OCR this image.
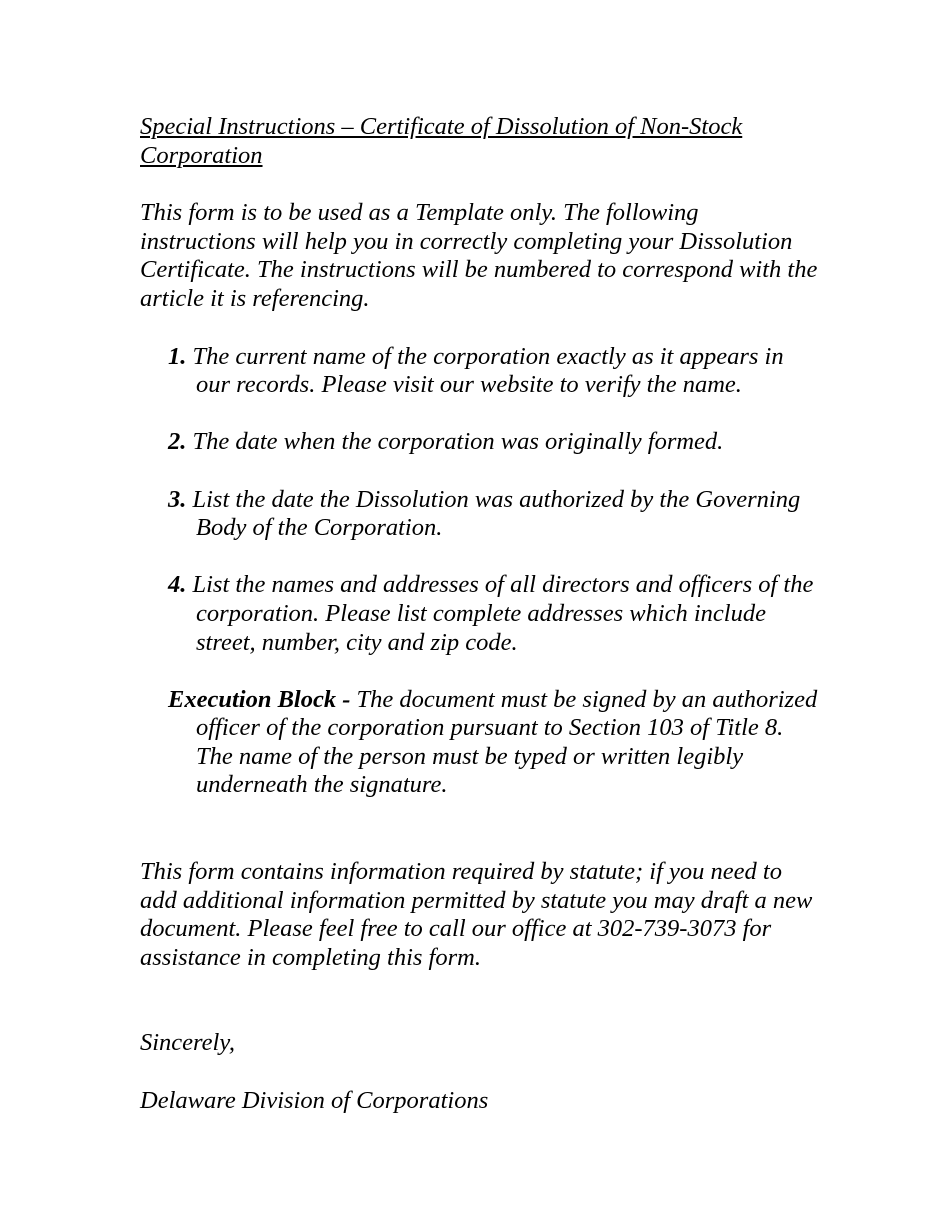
Special Instructions – Certificate of Dissolution of Non-Stock Corporation

This form is to be used as a Template only. The following instructions will help you in correctly completing your Dissolution Certificate. The instructions will be numbered to correspond with the article it is referencing.

1. The current name of the corporation exactly as it appears in our records. Please visit our website to verify the name.
2. The date when the corporation was originally formed.
3. List the date the Dissolution was authorized by the Governing Body of the Corporation.
4. List the names and addresses of all directors and officers of the corporation. Please list complete addresses which include street, number, city and zip code.

Execution Block - The document must be signed by an authorized officer of the corporation pursuant to Section 103 of Title 8. The name of the person must be typed or written legibly underneath the signature.

This form contains information required by statute; if you need to add additional information permitted by statute you may draft a new document. Please feel free to call our office at 302-739-3073 for assistance in completing this form.

Sincerely,

Delaware Division of Corporations
